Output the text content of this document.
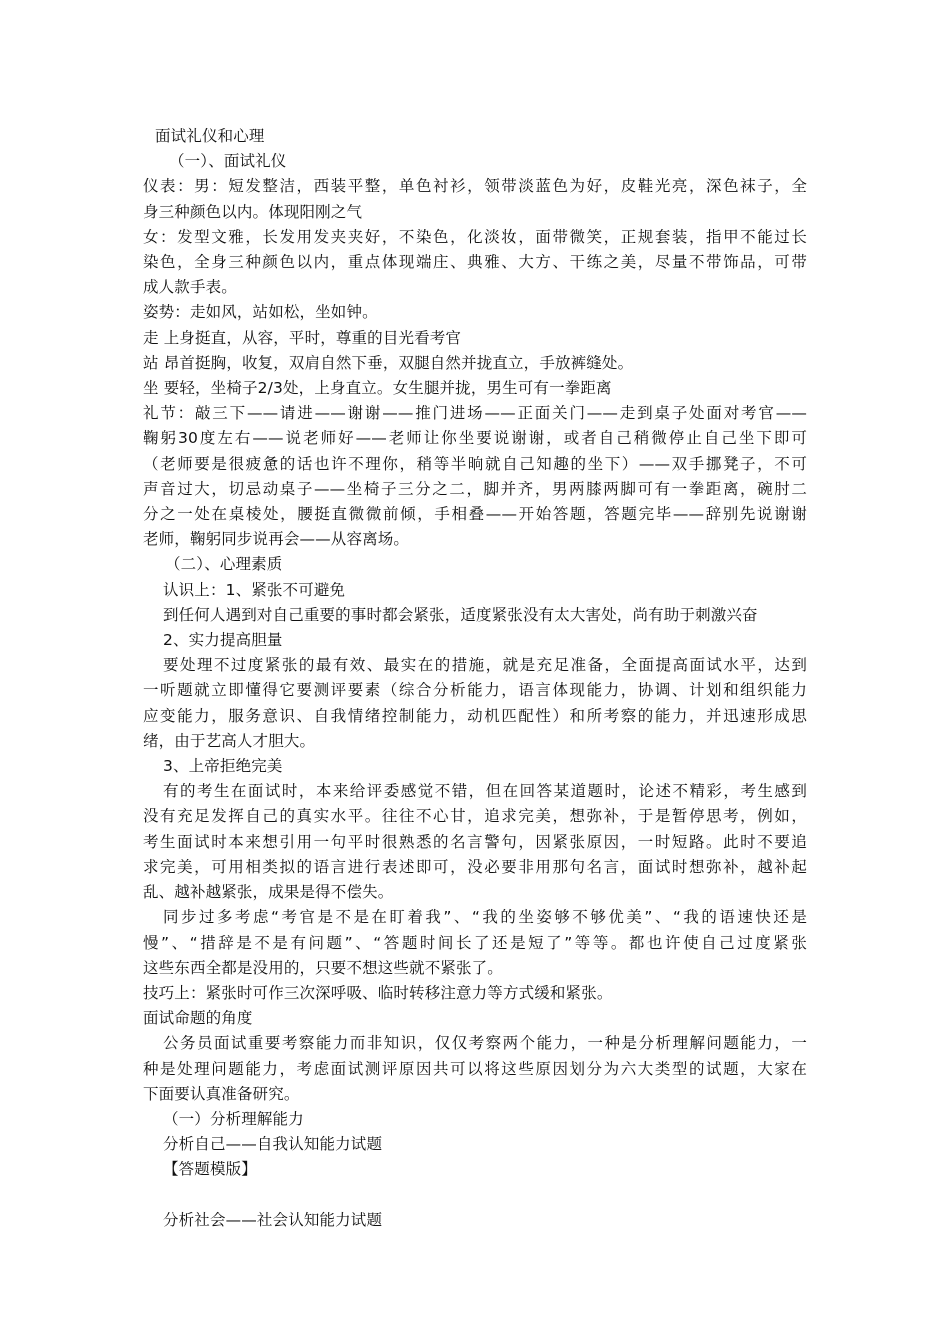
面试礼仪和心理
（一）、面试礼仪
仪表：男：短发整洁，西装平整，单色衬衫，领带淡蓝色为好，皮鞋光亮，深色袜子，全
身三种颜色以内。体现阳刚之气
女：发型文雅，长发用发夹夹好，不染色，化淡妆，面带微笑，正规套装，指甲不能过长
染色，全身三种颜色以内，重点体现端庄、典雅、大方、干练之美，尽量不带饰品，可带
成人款手表。
姿势：走如风，站如松，坐如钟。
走 上身挺直，从容，平时，尊重的目光看考官
站 昂首挺胸，收复，双肩自然下垂，双腿自然并拢直立，手放裤缝处。
坐 要轻，坐椅子2/3处，上身直立。女生腿并拢，男生可有一拳距离
礼节：敲三下——请进——谢谢——推门进场——正面关门——走到桌子处面对考官——
鞠躬30度左右——说老师好——老师让你坐要说谢谢，或者自己稍微停止自己坐下即可
（老师要是很疲惫的话也许不理你，稍等半晌就自己知趣的坐下）——双手挪凳子，不可
声音过大，切忌动桌子——坐椅子三分之二，脚并齐，男两膝两脚可有一拳距离，碗肘二
分之一处在桌棱处，腰挺直微微前倾，手相叠——开始答题，答题完毕——辞别先说谢谢
老师，鞠躬同步说再会——从容离场。
（二）、心理素质
认识上：1、紧张不可避免
到任何人遇到对自己重要的事时都会紧张，适度紧张没有太大害处，尚有助于刺激兴奋
2、实力提高胆量
要处理不过度紧张的最有效、最实在的措施，就是充足准备，全面提高面试水平，达到
一听题就立即懂得它要测评要素（综合分析能力，语言体现能力，协调、计划和组织能力
应变能力，服务意识、自我情绪控制能力，动机匹配性）和所考察的能力，并迅速形成思
绪，由于艺高人才胆大。
3、上帝拒绝完美
有的考生在面试时，本来给评委感觉不错，但在回答某道题时，论述不精彩，考生感到
没有充足发挥自己的真实水平。往往不心甘，追求完美，想弥补，于是暂停思考，例如，
考生面试时本来想引用一句平时很熟悉的名言警句，因紧张原因，一时短路。此时不要追
求完美，可用相类拟的语言进行表述即可，没必要非用那句名言，面试时想弥补，越补起
乱、越补越紧张，成果是得不偿失。
同步过多考虑“考官是不是在盯着我”、“我的坐姿够不够优美”、“我的语速快还是
慢”、“措辞是不是有问题”、“答题时间长了还是短了”等等。都也许使自己过度紧张
这些东西全都是没用的，只要不想这些就不紧张了。
技巧上：紧张时可作三次深呼吸、临时转移注意力等方式缓和紧张。
面试命题的角度
公务员面试重要考察能力而非知识，仅仅考察两个能力，一种是分析理解问题能力，一
种是处理问题能力，考虑面试测评原因共可以将这些原因划分为六大类型的试题，大家在
下面要认真准备研究。
（一）分析理解能力
分析自己——自我认知能力试题
【答题模版】
分析社会——社会认知能力试题
